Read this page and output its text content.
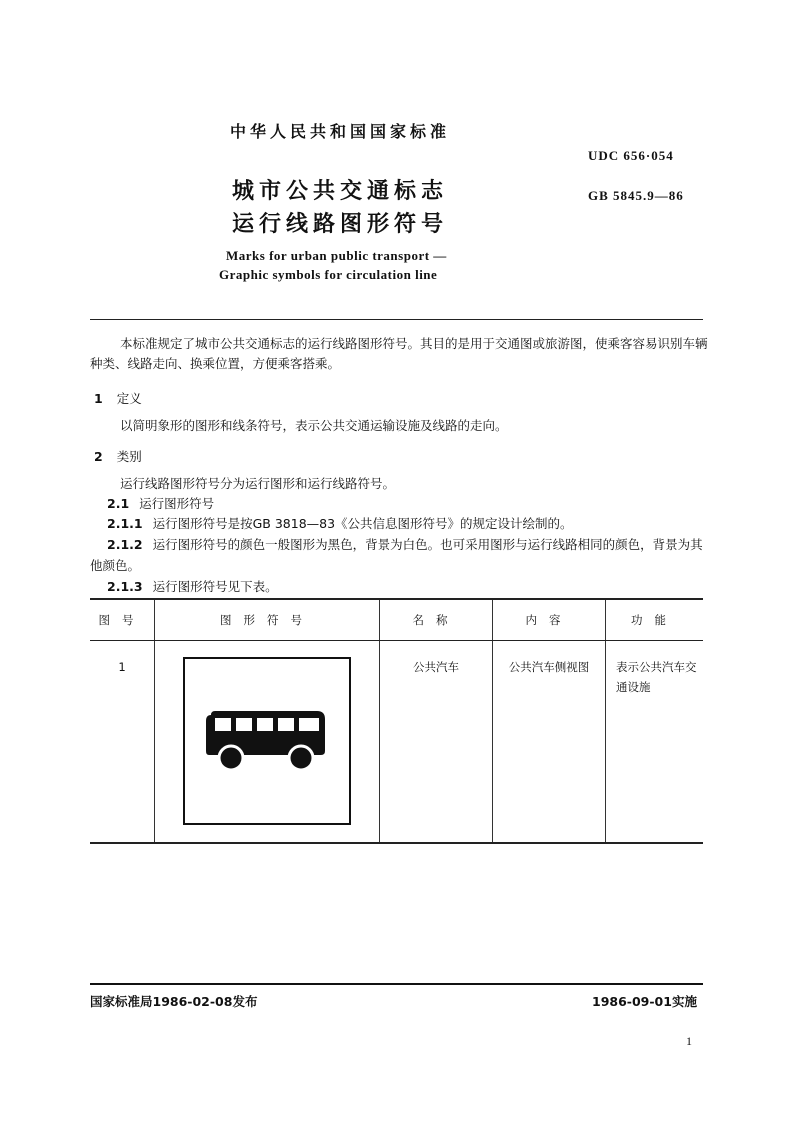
中华人民共和国国家标准
UDC 656·054
城市公共交通标志	GB 5845.9—86
运行线路图形符号
Marks for urban public transport —
Graphic symbols for circulation line
本标准规定了城市公共交通标志的运行线路图形符号。其目的是用于交通图或旅游图，使乘客容易识别车辆种类、线路走向、换乘位置，方便乘客搭乘。
1 定义
以简明象形的图形和线条符号，表示公共交通运输设施及线路的走向。
2 类别
运行线路图形符号分为运行图形和运行线路符号。
2.1 运行图形符号
2.1.1 运行图形符号是按GB 3818—83《公共信息图形符号》的规定设计绘制的。
2.1.2 运行图形符号的颜色一般图形为黑色，背景为白色。也可采用图形与运行线路相同的颜色，背景为其他颜色。
2.1.3 运行图形符号见下表。
图号	图形符号	名称	内容	功能
1		公共汽车	公共汽车侧视图	表示公共汽车交通设施
国家标准局1986-02-08发布	1986-09-01实施
1
